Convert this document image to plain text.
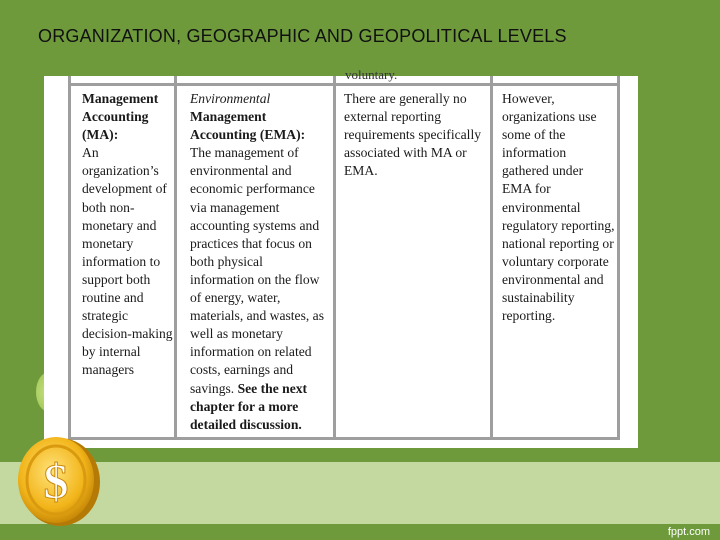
ORGANIZATION, GEOGRAPHIC AND GEOPOLITICAL LEVELS
voluntary.
Management
Accounting
(MA):
An
organization’s
development of
both non-
monetary and
monetary
information to
support both
routine and
strategic
decision-making
by internal
managers
Environmental
Management
Accounting (EMA):
The management of
environmental and
economic performance
via management
accounting systems and
practices that focus on
both physical
information on the flow
of energy, water,
materials, and wastes, as
well as monetary
information on related
costs, earnings and
savings. See the next
chapter for a more
detailed discussion.
There are generally no
external reporting
requirements specifically
associated with MA or
EMA.
However,
organizations use
some of the
information
gathered under
EMA for
environmental
regulatory reporting,
national reporting or
voluntary corporate
environmental and
sustainability
reporting.
$
fppt.com
